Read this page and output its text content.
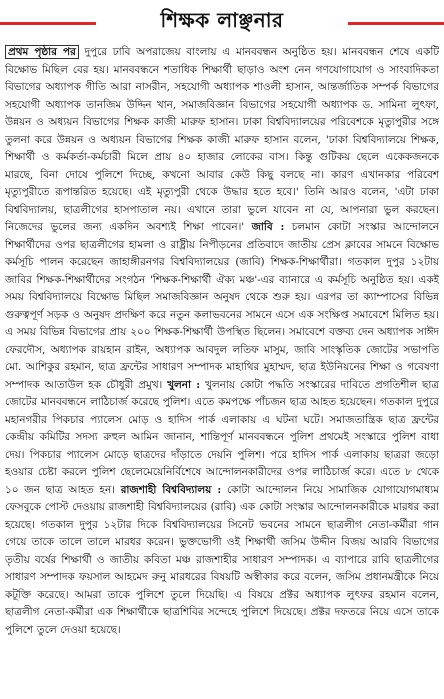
শিক্ষক লাঞ্ছনার
প্রথম পৃষ্ঠার পর দুপুরে ঢাবি অপরাজেয় বাংলায় এ মানববন্ধন অনুষ্ঠিত হয়। মানববন্ধন শেষে একটি বিক্ষোভ মিছিল বের হয়। মানববন্ধনে শতাধিক শিক্ষার্থী ছাড়াও অংশ নেন গণযোগাযোগ ও সাংবাদিকতা বিভাগের অধ্যাপক গীতি আরা নাসরীন, সহযোগী অধ্যাপক শাওলী হাসান, আন্তর্জাতিক সম্পর্ক বিভাগের সহযোগী অধ্যাপক তানজিম উদ্দিন খান, সমাজবিজ্ঞান বিভাগের সহযোগী অধ্যাপক ড. সামিনা লুৎফা, উন্নয়ন ও অধ্যয়ন বিভাগের শিক্ষক কাজী মারুফ হাসান। ঢাকা বিশ্ববিদ্যালয়ের পরিবেশকে মৃত্যুপুরীর সঙ্গে তুলনা করে উন্নয়ন ও অধ্যয়ন বিভাগের শিক্ষক কাজী মারুফ হাসান বলেন, 'ঢাকা বিশ্ববিদ্যালয়ে শিক্ষক, শিক্ষার্থী ও কর্মকর্তা-কর্মচারী মিলে প্রায় ৪০ হাজার লোকের বাস। কিন্তু গুটিকয় ছেলে একেকজনকে মারছে, বিনা দোষে পুলিশে দিচ্ছে, কখনো আবার কেউ কিছু বলছে না। কারণ এখানকার পরিবেশ মৃত্যুপুরীতে রূপান্তরিত হয়েছে। এই মৃত্যুপুরী থেকে উদ্ধার হতে হবে।' তিনি আরও বলেন, 'এটা ঢাকা বিশ্ববিদ্যালয়, ছাত্রলীগের হাসপাতাল নয়। এখানে তারা ভুলে যাবেন না যে, আপনারা ভুল করছেন। নিজেদের ভুলের জন্য একদিন অবশ্যই শিক্ষা পাবেন।' জাবি : চলমান কোটা সংস্কার আন্দোলনে শিক্ষার্থীদের ওপর ছাত্রলীগের হামলা ও রাষ্ট্রীয় নিপীড়নের প্রতিবাদে জাতীয় প্রেস ক্লাবের সামনে বিক্ষোভ কর্মসূচি পালন করেছেন জাহাঙ্গীরনগর বিশ্ববিদ্যালয়ের (জাবি) শিক্ষক-শিক্ষার্থীরা। গতকাল দুপুর ১২টায় জাবির শিক্ষক-শিক্ষার্থীদের সংগঠন 'শিক্ষক-শিক্ষার্থী ঐক্য মঞ্চ'-এর ব্যানারে এ কর্মসূচি অনুষ্ঠিত হয়। একই সময় বিশ্ববিদ্যালয়ে বিক্ষোভ মিছিল সমাজবিজ্ঞান অনুষদ থেকে শুরু হয়। এরপর তা ক্যাম্পাসের বিভিন্ন গুরুত্বপূর্ণ সড়ক ও অনুষদ প্রদক্ষিণ করে নতুন কলাভবনের সামনে এসে এক সংক্ষিপ্ত সমাবেশে মিলিত হয়। এ সময় বিভিন্ন বিভাগের প্রায় ২০০ শিক্ষক-শিক্ষার্থী উপস্থিত ছিলেন। সমাবেশে বক্তব্য দেন অধ্যাপক সাঈদ ফেরদৌস, অধ্যাপক রায়হান রাইন, অধ্যাপক আবদুল লতিফ মাসুম, জাবি সাংস্কৃতিক জোটের সভাপতি মো. আশিকুর রহমান, ছাত্র ফ্রন্টের সাধারণ সম্পাদক মাহাথির মুহাম্মদ, ছাত্র ইউনিয়নের শিক্ষা ও গবেষণা সম্পাদক আতাউল হক চৌধুরী প্রমুখ। খুলনা : খুলনায় কোটা পদ্ধতি সংস্কারের দাবিতে প্রগতিশীল ছাত্র জোটের মানববন্ধনে লাঠিচার্জ করেছে পুলিশ। এতে কমপক্ষে পাঁচজন ছাত্র আহত হয়েছেন। গতকাল দুপুরে মহানগরীর পিকচার প্যালেস মোড় ও হাদিস পার্ক এলাকায় এ ঘটনা ঘটে। সমাজতান্ত্রিক ছাত্র ফ্রন্টের কেন্দ্রীয় কমিটির সদস্য রুহুল আমিন জানান, শান্তিপূর্ণ মানববন্ধনে পুলিশ প্রথমেই সংস্কারে পুলিশ বাধা দেয়। পিকচার প্যালেস মোড়ে ছাত্রদের দাঁড়াতে দেয়নি পুলিশ। পরে হাদিস পার্ক এলাকায় ছাত্ররা জড়ো হওয়ার চেষ্টা করলে পুলিশ ছেলেমেয়েনির্বিশেষে আন্দোলনকারীদের ওপর লাঠিচার্জ করে। এতে ৮ থেকে ১০ জন ছাত্র আহত হন। রাজশাহী বিশ্ববিদ্যালয় : কোটা আন্দোলন নিয়ে সামাজিক যোগাযোগমাধ্যম ফেসবুকে পোস্ট দেওয়ায় রাজশাহী বিশ্ববিদ্যালয়ের (রাবি) এক কোটা সংস্কার আন্দোলনকারীকে মারধর করা হয়েছে। গতকাল দুপুর ১২টার দিকে বিশ্ববিদ্যালয়ের সিনেট ভবনের সামনে ছাত্রলীগ নেতা-কর্মীরা গান গেয়ে তাকে তালে তালে মারধর করেন। ভুক্তভোগী ওই শিক্ষার্থী জসিম উদ্দীন বিজয় আরবি বিভাগের তৃতীয় বর্ষের শিক্ষার্থী ও জাতীয় কবিতা মঞ্চ রাজশাহীর সাধারণ সম্পাদক। এ ব্যাপারে রাবি ছাত্রলীগের সাধারণ সম্পাদক ফয়সাল আহমেদ রুনু মারধরের বিষয়টি অস্বীকার করে বলেন, জসিম প্রধানমন্ত্রীকে নিয়ে কটূক্তি করেছে। আমরা তাকে পুলিশে তুলে দিয়েছি। এ বিষয়ে প্রক্টর অধ্যাপক লুৎফর রহমান বলেন, ছাত্রলীগ নেতা-কর্মীরা এক শিক্ষার্থীকে ছাত্রশিবির সন্দেহে পুলিশে দিয়েছে। প্রক্টর দফতরে নিয়ে এসে তাকে পুলিশে তুলে দেওয়া হয়েছে।
